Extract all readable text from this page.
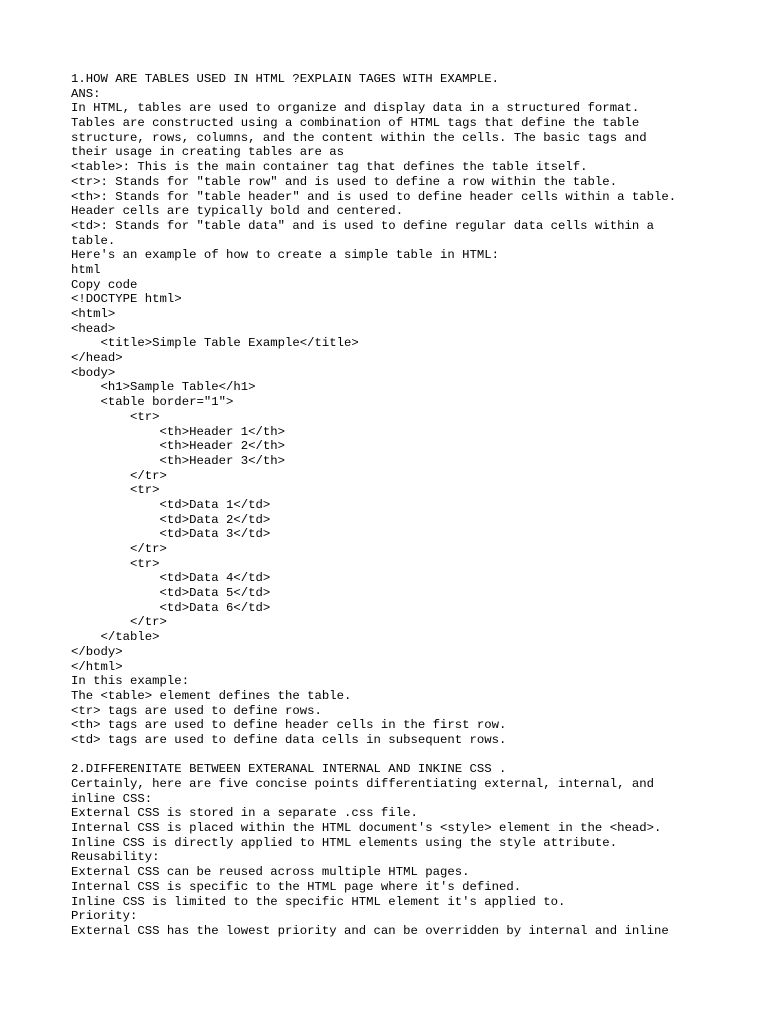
1.HOW ARE TABLES USED IN HTML ?EXPLAIN TAGES WITH EXAMPLE.
ANS:
In HTML, tables are used to organize and display data in a structured format.
Tables are constructed using a combination of HTML tags that define the table
structure, rows, columns, and the content within the cells. The basic tags and
their usage in creating tables are as
<table>: This is the main container tag that defines the table itself.
<tr>: Stands for "table row" and is used to define a row within the table.
<th>: Stands for "table header" and is used to define header cells within a table.
Header cells are typically bold and centered.
<td>: Stands for "table data" and is used to define regular data cells within a
table.
Here's an example of how to create a simple table in HTML:
html
Copy code
<!DOCTYPE html>
<html>
<head>
<title>Simple Table Example</title>
</head>
<body>
<h1>Sample Table</h1>
<table border="1">
<tr>
<th>Header 1</th>
<th>Header 2</th>
<th>Header 3</th>
</tr>
<tr>
<td>Data 1</td>
<td>Data 2</td>
<td>Data 3</td>
</tr>
<tr>
<td>Data 4</td>
<td>Data 5</td>
<td>Data 6</td>
</tr>
</table>
</body>
</html>
In this example:
The <table> element defines the table.
<tr> tags are used to define rows.
<th> tags are used to define header cells in the first row.
<td> tags are used to define data cells in subsequent rows.
2.DIFFERENITATE BETWEEN EXTERANAL INTERNAL AND INKINE CSS .
Certainly, here are five concise points differentiating external, internal, and
inline CSS:
External CSS is stored in a separate .css file.
Internal CSS is placed within the HTML document's <style> element in the <head>.
Inline CSS is directly applied to HTML elements using the style attribute.
Reusability:
External CSS can be reused across multiple HTML pages.
Internal CSS is specific to the HTML page where it's defined.
Inline CSS is limited to the specific HTML element it's applied to.
Priority:
External CSS has the lowest priority and can be overridden by internal and inline
